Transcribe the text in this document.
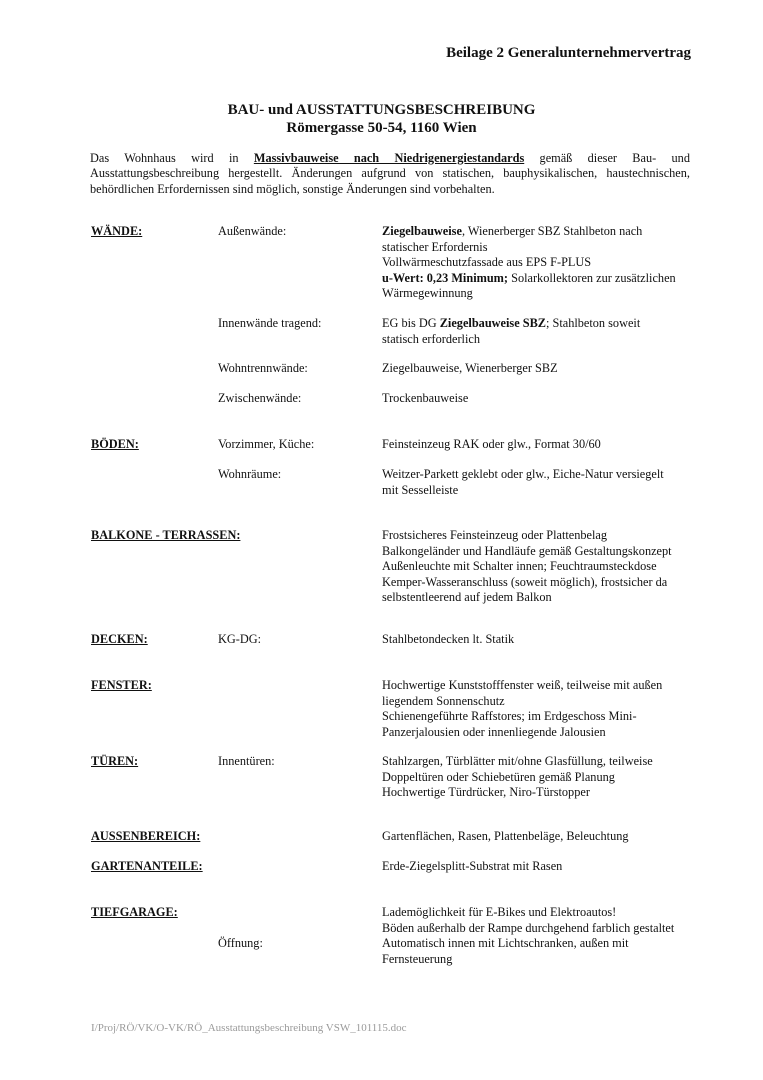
Beilage 2 Generalunternehmervertrag
BAU- und AUSSTATTUNGSBESCHREIBUNG
Römergasse 50-54, 1160 Wien
Das Wohnhaus wird in Massivbauweise nach Niedrigenergiestandards gemäß dieser Bau- und Ausstattungsbeschreibung hergestellt. Änderungen aufgrund von statischen, bauphysikalischen, haustechnischen, behördlichen Erfordernissen sind möglich, sonstige Änderungen sind vorbehalten.
WÄNDE:	Außenwände:	Ziegelbauweise, Wienerberger SBZ Stahlbeton nach
statischer Erfordernis
Vollwärmeschutzfassade aus EPS F-PLUS
u-Wert: 0,23 Minimum; Solarkollektoren zur zusätzlichen
Wärmegewinnung
Innenwände tragend:	EG bis DG Ziegelbauweise SBZ; Stahlbeton soweit
statisch erforderlich
Wohntrennwände:	Ziegelbauweise, Wienerberger SBZ
Zwischenwände:	Trockenbauweise
BÖDEN:	Vorzimmer, Küche:	Feinsteinzeug RAK oder glw., Format 30/60
Wohnräume:	Weitzer-Parkett geklebt oder glw., Eiche-Natur versiegelt
mit Sesselleiste
BALKONE - TERRASSEN:	Frostsicheres Feinsteinzeug oder Plattenbelag
Balkongeländer und Handläufe gemäß Gestaltungskonzept
Außenleuchte mit Schalter innen; Feuchtraumsteckdose
Kemper-Wasseranschluss (soweit möglich), frostsicher da
selbstentleerend auf jedem Balkon
DECKEN:	KG-DG:	Stahlbetondecken lt. Statik
FENSTER:	Hochwertige Kunststofffenster weiß, teilweise mit außen
liegendem Sonnenschutz
Schienengeführte Raffstores; im Erdgeschoss Mini-
Panzerjalousien oder innenliegende Jalousien
TÜREN:	Innentüren:	Stahlzargen, Türblätter mit/ohne Glasfüllung, teilweise
Doppeltüren oder Schiebetüren gemäß Planung
Hochwertige Türdrücker, Niro-Türstopper
AUSSENBEREICH:	Gartenflächen, Rasen, Plattenbeläge, Beleuchtung
GARTENANTEILE:	Erde-Ziegelsplitt-Substrat mit Rasen
TIEFGARAGE:	Lademöglichkeit für E-Bikes und Elektroautos!
Böden außerhalb der Rampe durchgehend farblich gestaltet
Öffnung:	Automatisch innen mit Lichtschranken, außen mit
Fernsteuerung
I/Proj/RÖ/VK/O-VK/RÖ_Ausstattungsbeschreibung VSW_101115.doc
